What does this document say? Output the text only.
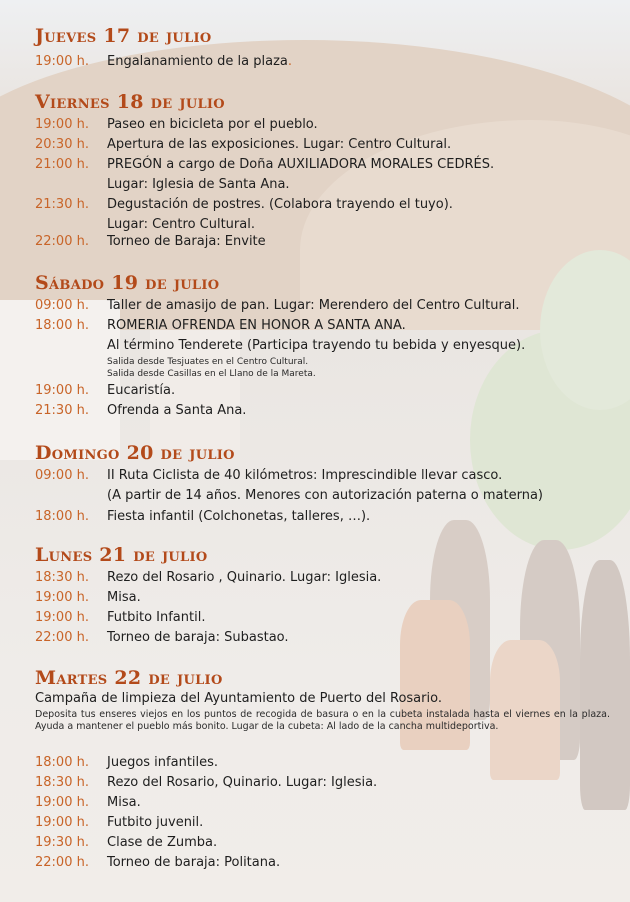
Jueves 17 de julio
19:00 h. Engalanamiento de la plaza.
Viernes 18 de julio
19:00 h. Paseo en bicicleta por el pueblo.
20:30 h. Apertura de las exposiciones. Lugar: Centro Cultural.
21:00 h. PREGÓN a cargo de Doña AUXILIADORA MORALES CEDRÉS.
Lugar: Iglesia de Santa Ana.
21:30 h. Degustación de postres. (Colabora trayendo el tuyo).
Lugar: Centro Cultural.
22:00 h. Torneo de Baraja: Envite
Sábado 19 de julio
09:00 h. Taller de amasijo de pan. Lugar: Merendero del Centro Cultural.
18:00 h. ROMERIA OFRENDA EN HONOR A SANTA ANA.
Al término Tenderete (Participa trayendo tu bebida y enyesque).
Salida desde Tesjuates en el Centro Cultural.
Salida desde Casillas en el Llano de la Mareta.
19:00 h. Eucaristía.
21:30 h. Ofrenda a Santa Ana.
Domingo 20 de julio
09:00 h. II Ruta Ciclista de 40 kilómetros: Imprescindible llevar casco.
(A partir de 14 años. Menores con autorización paterna o materna)
18:00 h. Fiesta infantil (Colchonetas, talleres, …).
Lunes 21 de julio
18:30 h. Rezo del Rosario , Quinario. Lugar: Iglesia.
19:00 h. Misa.
19:00 h. Futbito Infantil.
22:00 h. Torneo de baraja: Subastao.
Martes 22 de julio
Campaña de limpieza del Ayuntamiento de Puerto del Rosario.
Deposita tus enseres viejos en los puntos de recogida de basura o en la cubeta instalada hasta el viernes en la plaza. Ayuda a mantener el pueblo más bonito. Lugar de la cubeta: Al lado de la cancha multideportiva.
18:00 h. Juegos infantiles.
18:30 h. Rezo del Rosario, Quinario. Lugar: Iglesia.
19:00 h. Misa.
19:00 h. Futbito juvenil.
19:30 h. Clase de Zumba.
22:00 h. Torneo de baraja: Politana.
